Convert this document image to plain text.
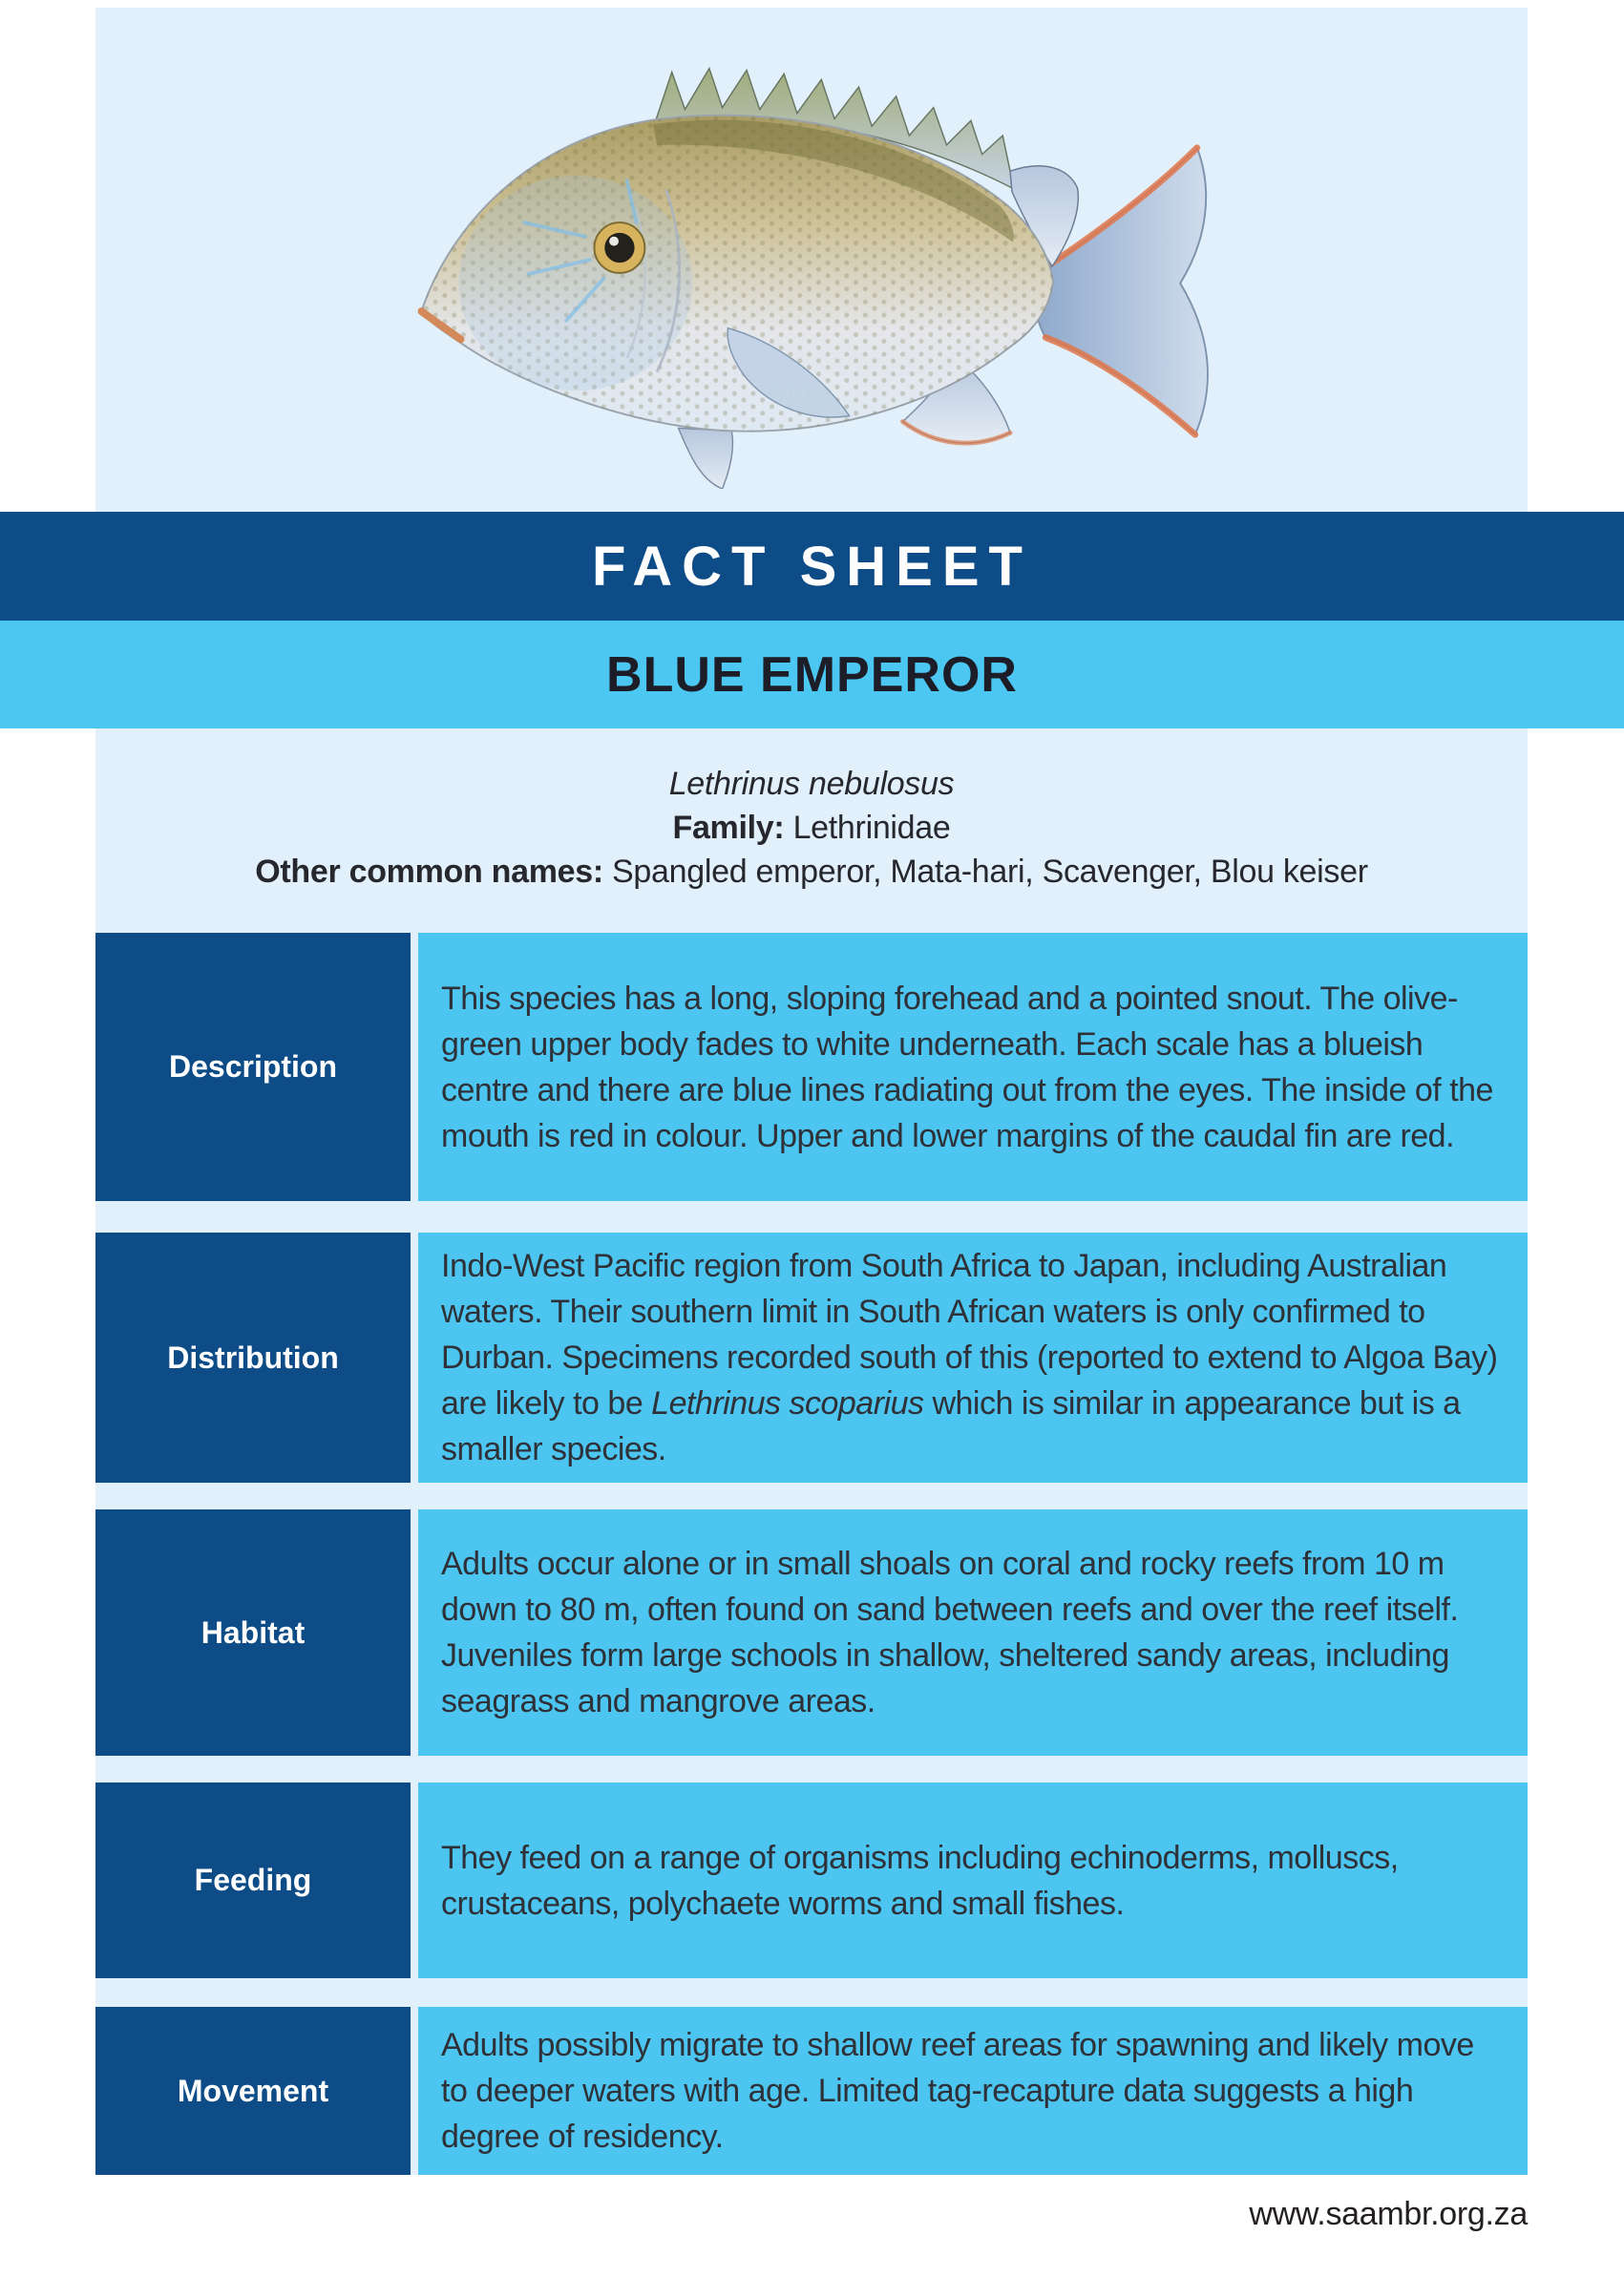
FACT SHEET
BLUE EMPEROR
Lethrinus nebulosus
Family: Lethrinidae
Other common names: Spangled emperor, Mata-hari, Scavenger, Blou keiser
Description

This species has a long, sloping forehead and a pointed snout. The olive-green upper body fades to white underneath. Each scale has a blueish centre and there are blue lines radiating out from the eyes. The inside of the mouth is red in colour. Upper and lower margins of the caudal fin are red.

Distribution

Indo-West Pacific region from South Africa to Japan, including Australian waters. Their southern limit in South African waters is only confirmed to Durban. Specimens recorded south of this (reported to extend to Algoa Bay) are likely to be Lethrinus scoparius which is similar in appearance but is a smaller species.

Habitat

Adults occur alone or in small shoals on coral and rocky reefs from 10 m down to 80 m, often found on sand between reefs and over the reef itself. Juveniles form large schools in shallow, sheltered sandy areas, including seagrass and mangrove areas.

Feeding

They feed on a range of organisms including echinoderms, molluscs, crustaceans, polychaete worms and small fishes.

Movement

Adults possibly migrate to shallow reef areas for spawning and likely move to deeper waters with age. Limited tag-recapture data suggests a high degree of residency.

www.saambr.org.za
